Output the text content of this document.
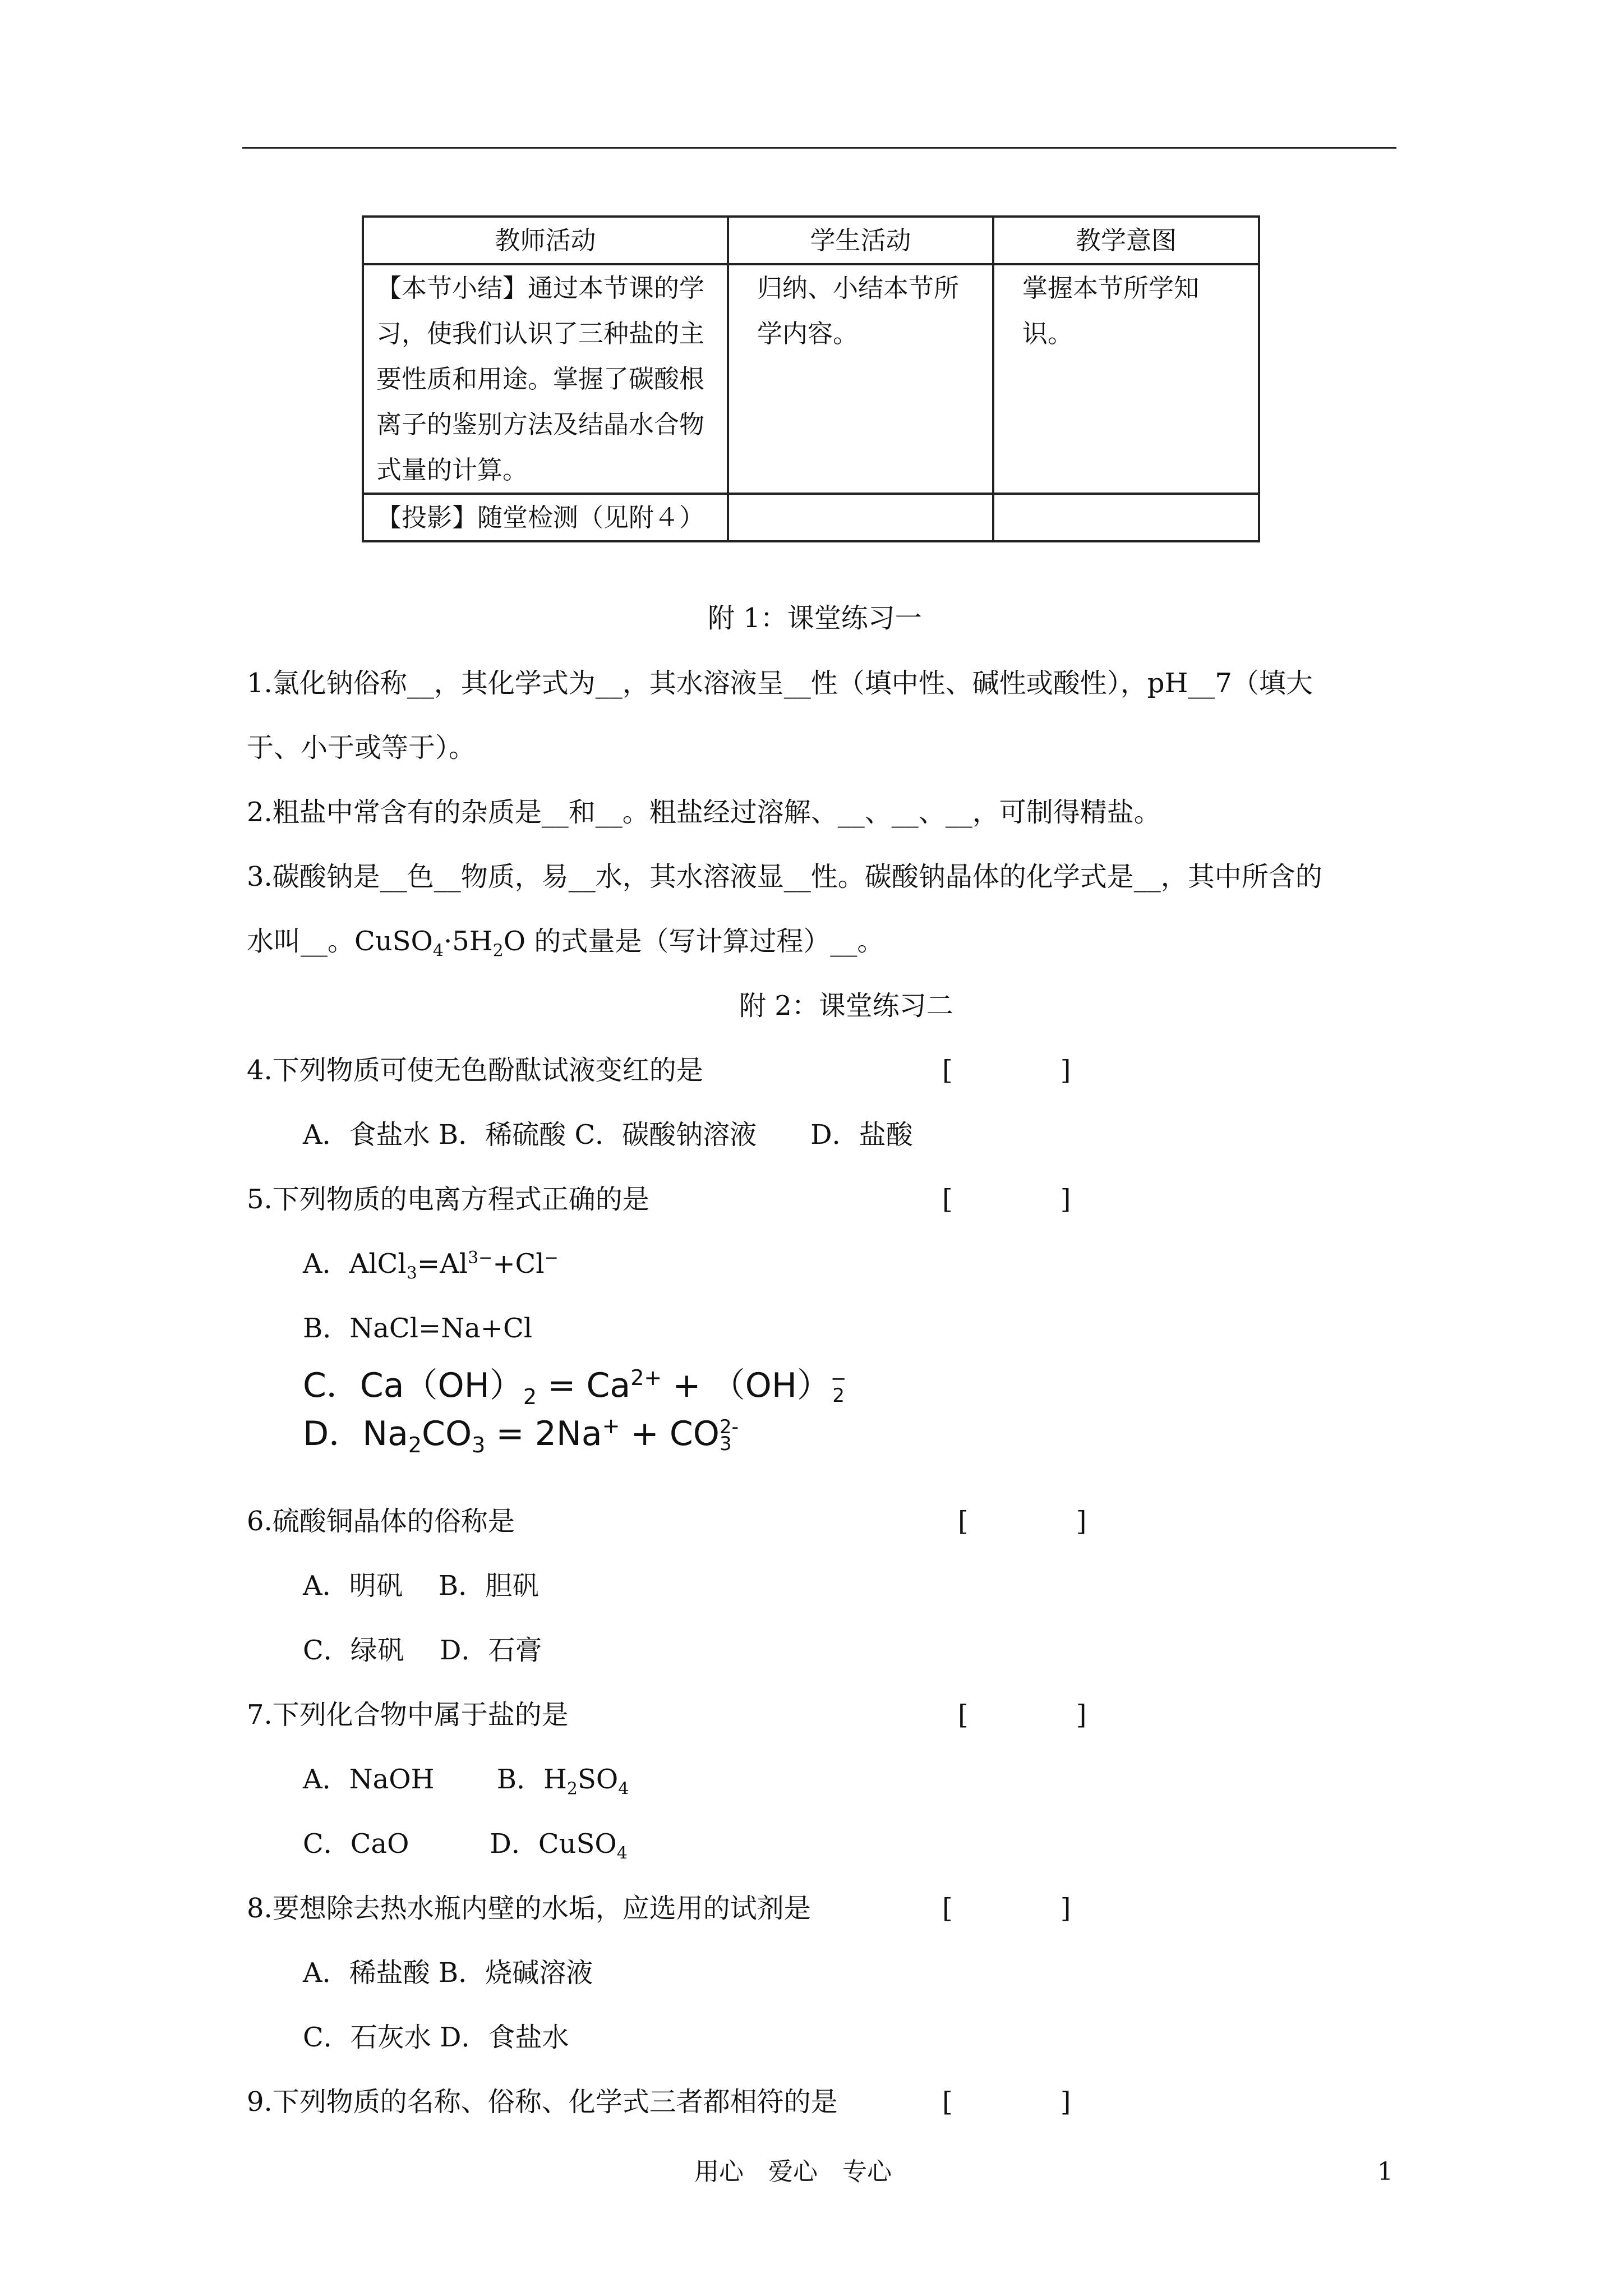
教师活动	学生活动	教学意图
【本节小结】通过本节课的学习，使我们认识了三种盐的主要性质和用途。掌握了碳酸根离子的鉴别方法及结晶水合物式量的计算。	归纳、小结本节所学内容。	掌握本节所学知识。
【投影】随堂检测（见附４）		
附 1：课堂练习一
1.氯化钠俗称__，其化学式为__，其水溶液呈__性（填中性、碱性或酸性），pH__7（填大
于、小于或等于）。
2.粗盐中常含有的杂质是__和__。粗盐经过溶解、__、__、__，可制得精盐。
3.碳酸钠是__色__物质，易__水，其水溶液显__性。碳酸钠晶体的化学式是__，其中所含的
水叫__。$CuSO_4\cdot 5H_2O$ 的式量是（写计算过程）__。
附 2：课堂练习二
4.下列物质可使无色酚酞试液变红的是	[　　　　]
A．食盐水 B．稀硫酸 C．碳酸钠溶液　　D．盐酸
5.下列物质的电离方程式正确的是	[　　　　]
A．$AlCl_3=Al^{3-}+Cl^-$
B．NaCl=Na+Cl
C．$Ca(OH)_2 = Ca^{2+} + (OH)$ −
2
D．$Na_2CO_3 = 2Na^+$ + CO 2-
3
6.硫酸铜晶体的俗称是	[　　　　]
A．明矾　 B．胆矾
C．绿矾　 D．石膏
7.下列化合物中属于盐的是	[　　　　]
A．NaOH　　 B．$H_2SO_4$
C．CaO　　　D．CuSO$_4$
8.要想除去热水瓶内壁的水垢，应选用的试剂是	[　　　　]
A．稀盐酸 B．烧碱溶液
C．石灰水 D．食盐水
9.下列物质的名称、俗称、化学式三者都相符的是	[　　　　]
用心　爱心　专心	1
